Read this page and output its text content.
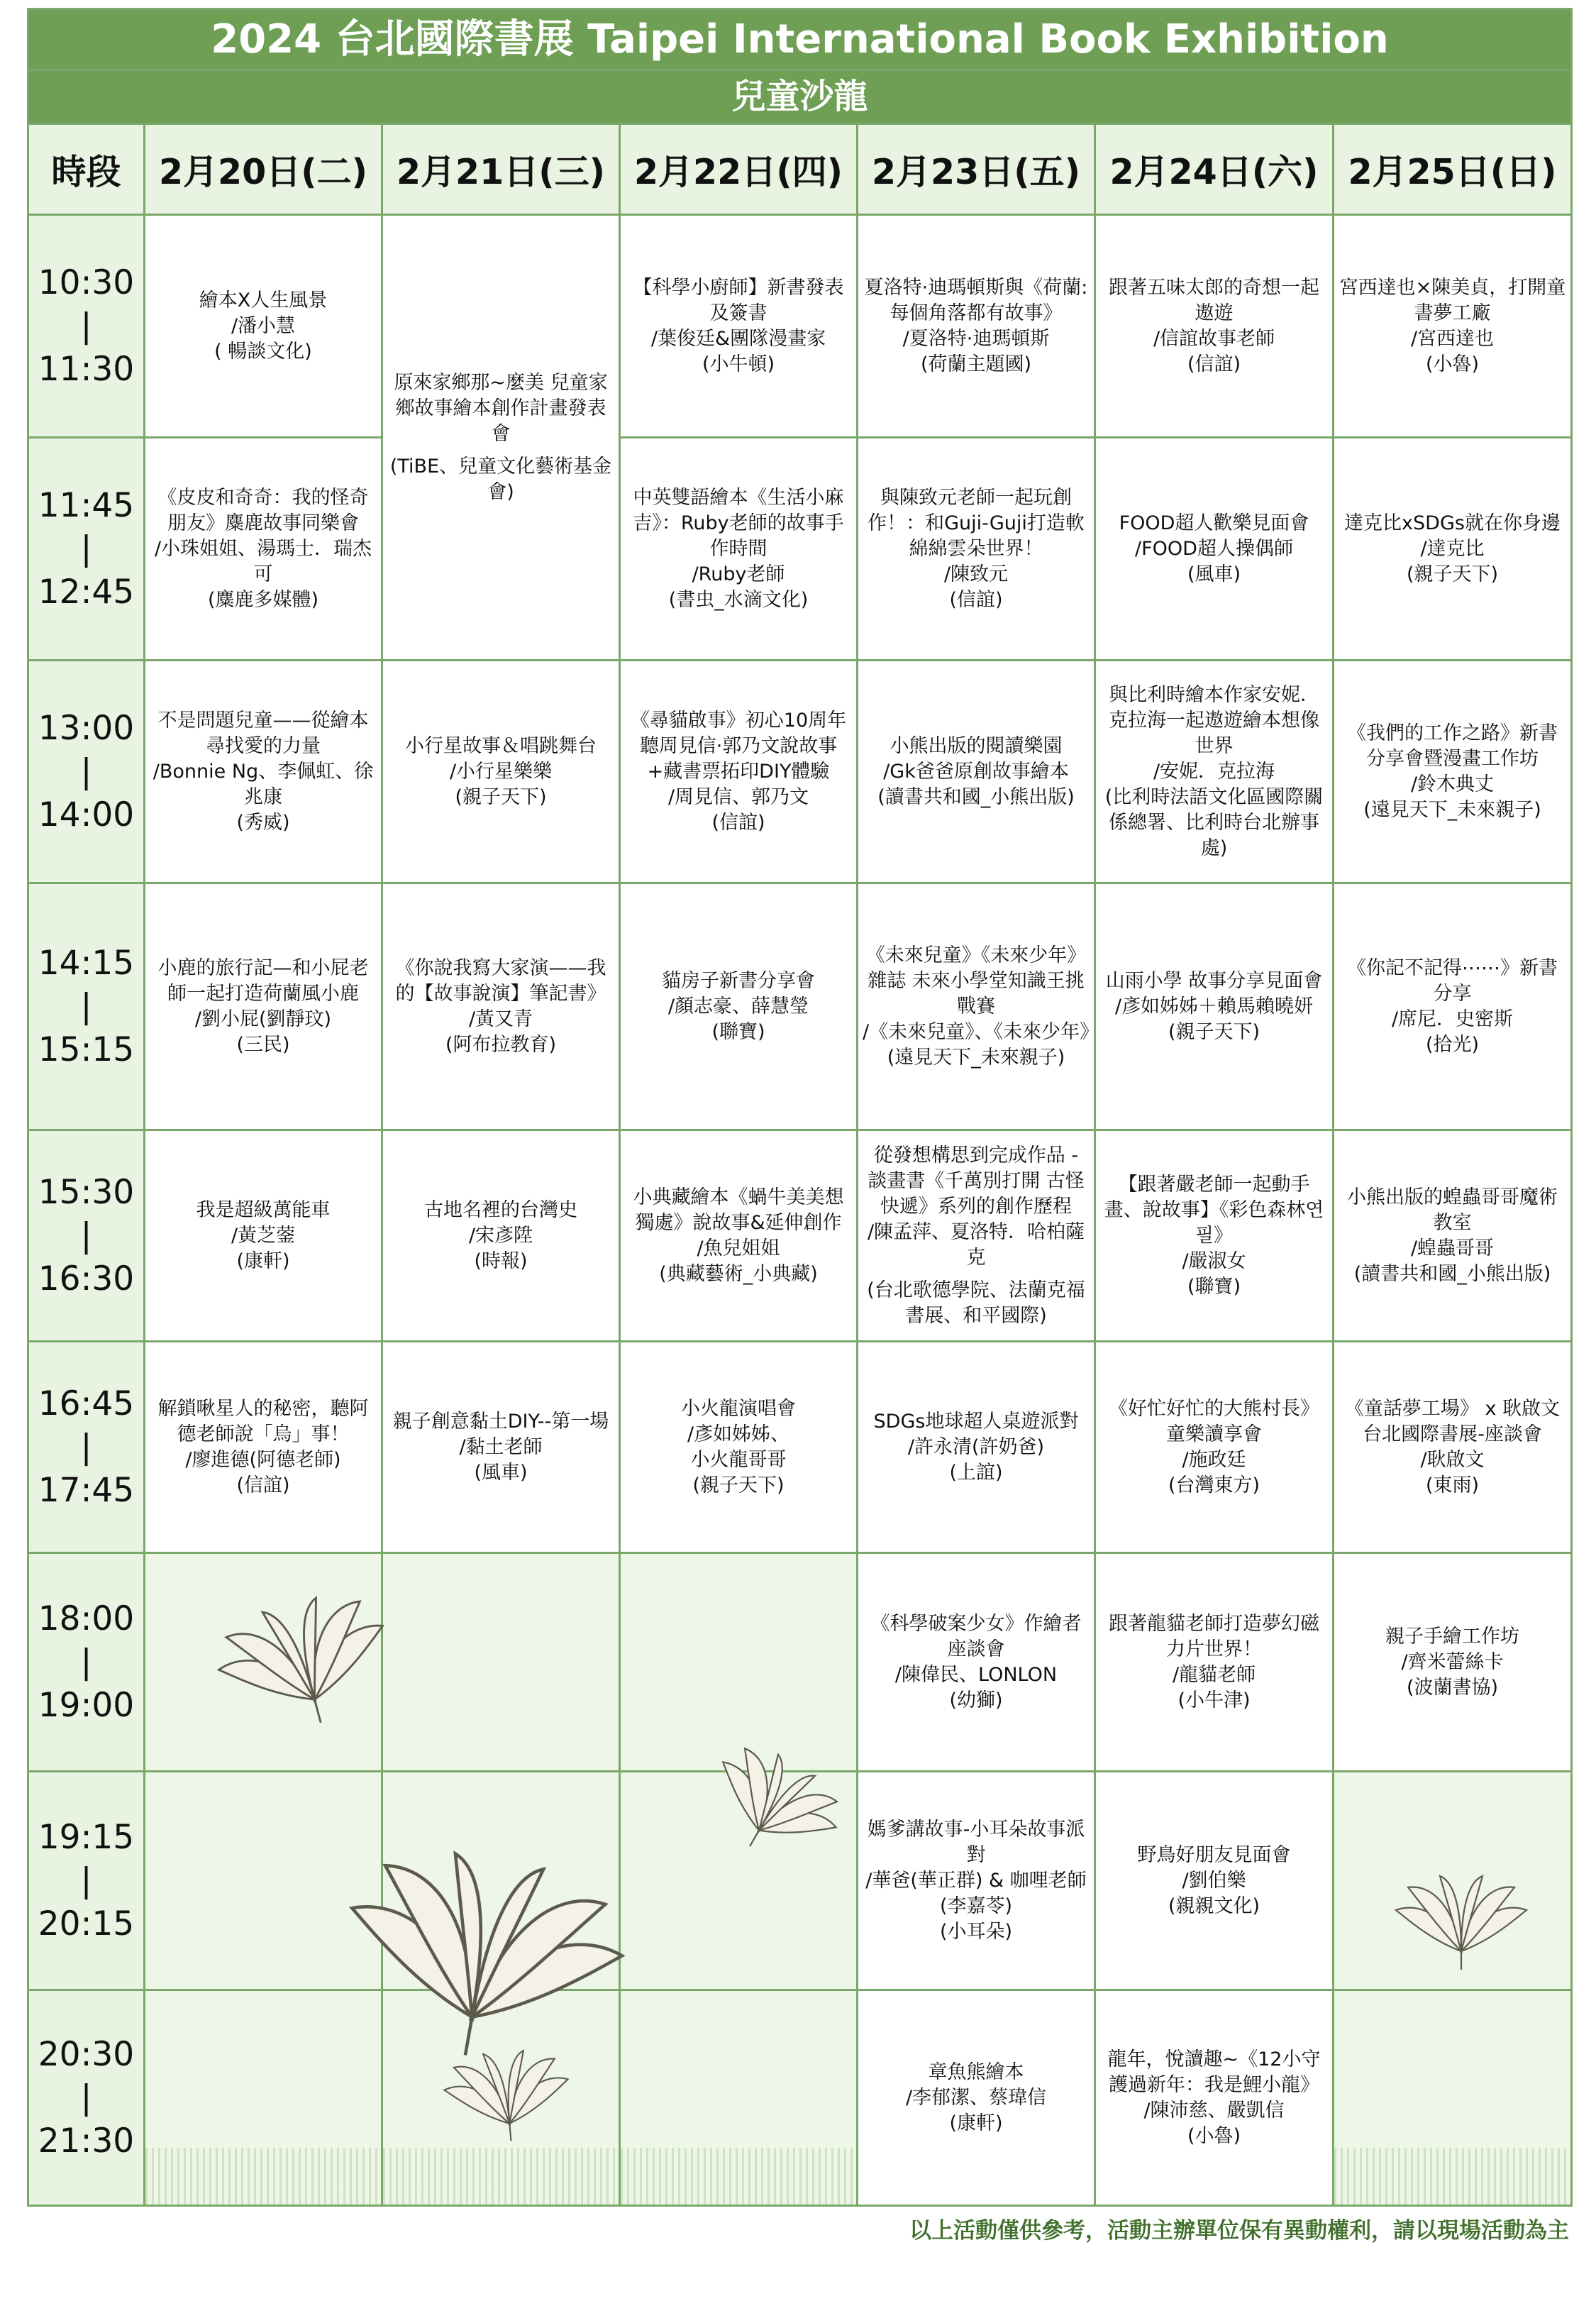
2024 台北國際書展 Taipei International Book Exhibition						
兒童沙龍						
時段	2月20日(二)	2月21日(三)	2月22日(四)	2月23日(五)	2月24日(六)	2月25日(日)

10:30
|
11:30	繪本X人生風景
/潘小慧
( 暢談文化)	原來家鄉那~麼美 兒童家鄉故事繪本創作計畫發表會
(TiBE、兒童文化藝術基金會)	【科學小廚師】新書發表及簽書
/葉俊廷&團隊漫畫家
(小牛頓)	夏洛特·迪瑪頓斯與《荷蘭:每個角落都有故事》
/夏洛特·迪瑪頓斯
(荷蘭主題國)	跟著五味太郎的奇想一起遨遊
/信誼故事老師
(信誼)	宮西達也×陳美貞，打開童書夢工廠
/宮西達也
(小魯)

11:45
|
12:45	《皮皮和奇奇：我的怪奇朋友》麋鹿故事同樂會
/小珠姐姐、湯瑪士．瑞杰可
(麋鹿多媒體)		中英雙語繪本《生活小麻吉》：Ruby老師的故事手作時間
/Ruby老師
(書虫_水滴文化)	與陳致元老師一起玩創作！：和Guji-Guji打造軟綿綿雲朵世界！
/陳致元
(信誼)	FOOD超人歡樂見面會
/FOOD超人操偶師
(風車)	達克比xSDGs就在你身邊
/達克比
(親子天下)

13:00
|
14:00	不是問題兒童——從繪本尋找愛的力量
/Bonnie Ng、李佩虹、徐兆康
(秀威)	小行星故事＆唱跳舞台
/小行星樂樂
(親子天下)	《尋貓啟事》初心10周年 聽周見信·郭乃文說故事+藏書票拓印DIY體驗
/周見信、郭乃文
(信誼)	小熊出版的閱讀樂園
/Gk爸爸原創故事繪本
(讀書共和國_小熊出版)	與比利時繪本作家安妮．克拉海一起遨遊繪本想像世界
/安妮．克拉海
(比利時法語文化區國際關係總署、比利時台北辦事處)	《我們的工作之路》新書分享會暨漫畫工作坊
/鈴木典丈
(遠見天下_未來親子)

14:15
|
15:15	小鹿的旅行記—和小屁老師一起打造荷蘭風小鹿
/劉小屁(劉靜玟)
(三民)	《你說我寫大家演——我的【故事說演】筆記書》
/黃又青
(阿布拉教育)	貓房子新書分享會
/顏志豪、薛慧瑩
(聯寶)	《未來兒童》《未來少年》雜誌 未來小學堂知識王挑戰賽
/《未來兒童》、《未來少年》
(遠見天下_未來親子)	山雨小學 故事分享見面會
/彥如姊姊＋賴馬賴曉妍
(親子天下)	《你記不記得⋯⋯》新書分享
/席尼．史密斯
(拾光)

15:30
|
16:30	我是超級萬能車
/黃芝蓥
(康軒)	古地名裡的台灣史
/宋彥陞
(時報)	小典藏繪本《蝸牛美美想獨處》說故事&延伸創作
/魚兒姐姐
(典藏藝術_小典藏)	從發想構思到完成作品 - 談畫書《千萬別打開 古怪快遞》系列的創作歷程
/陳孟萍、夏洛特．哈柏薩克
(台北歌德學院、法蘭克福書展、和平國際)	【跟著嚴老師一起動手畫、說故事】《彩色森林연필》
/嚴淑女
(聯寶)	小熊出版的蝗蟲哥哥魔術教室
/蝗蟲哥哥
(讀書共和國_小熊出版)

16:45
|
17:45	解鎖啾星人的秘密，聽阿德老師說「烏」事！
/廖進德(阿德老師)
(信誼)	親子創意黏土DIY--第一場
/黏土老師
(風車)	小火龍演唱會
/彥如姊姊、
小火龍哥哥
(親子天下)	SDGs地球超人桌遊派對
/許永清(許奶爸)
(上誼)	《好忙好忙的大熊村長》童樂讀享會
/施政廷
(台灣東方)	《童話夢工場》 x 耿啟文台北國際書展-座談會
/耿啟文
(東雨)

18:00
|
19:00				《科學破案少女》作繪者座談會
/陳偉民、LONLON
(幼獅)	跟著龍貓老師打造夢幻磁力片世界！
/龍貓老師
(小牛津)	親子手繪工作坊
/齊米蕾絲卡
(波蘭書協)

19:15
|
20:15				媽爹講故事-小耳朵故事派對
/華爸(華正群) & 咖哩老師(李嘉苓)
(小耳朵)	野鳥好朋友見面會
/劉伯樂
(親親文化)	

20:30
|
21:30				章魚熊繪本
/李郁潔、蔡瑋信
(康軒)	龍年，悅讀趣~《12小守護過新年：我是鯉小龍》
/陳沛慈、嚴凱信
(小魯)	

以上活動僅供參考，活動主辦單位保有異動權利，請以現場活動為主
